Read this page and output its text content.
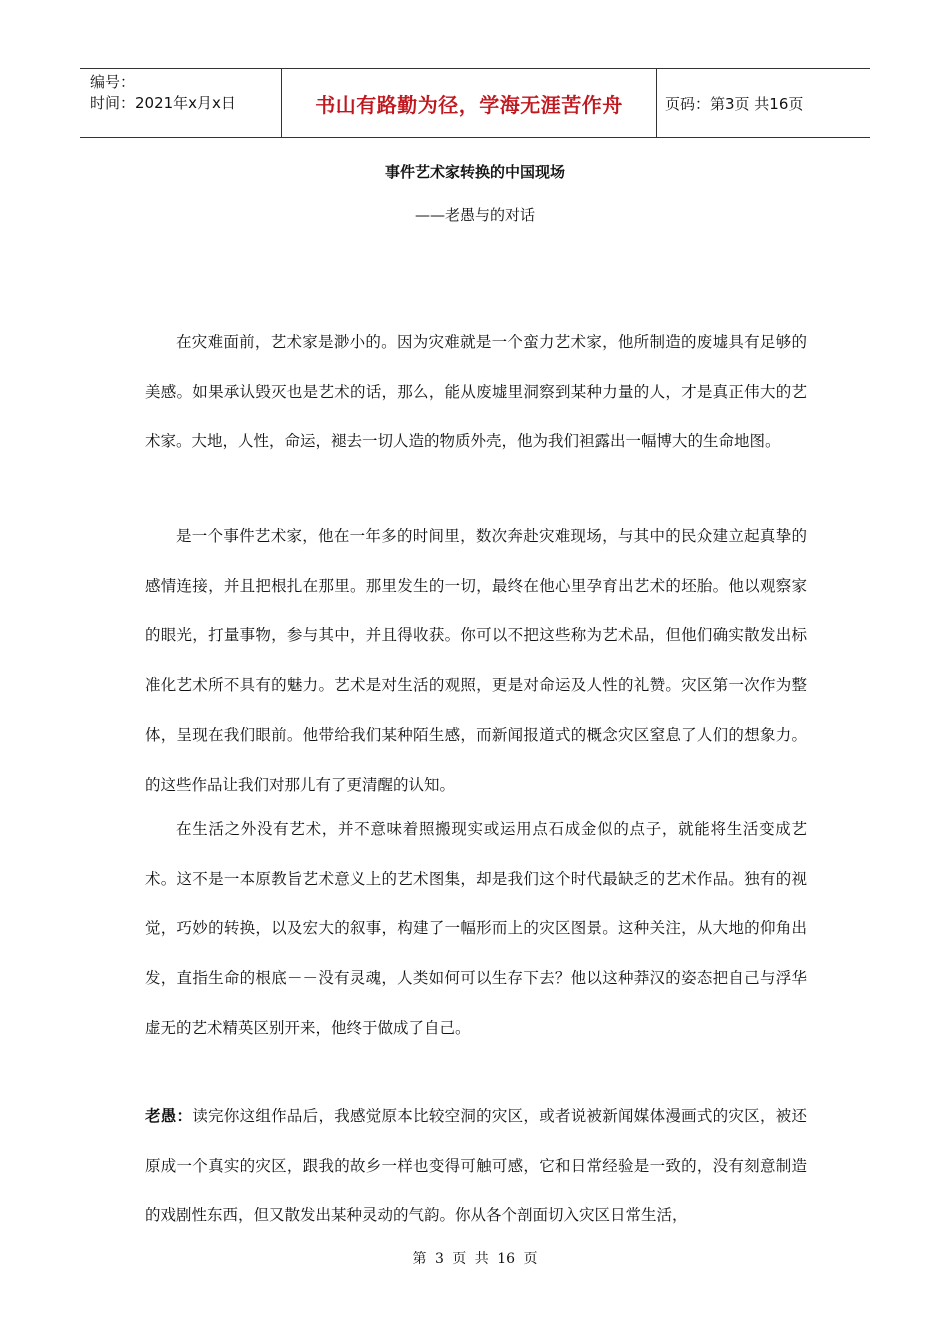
编号：
时间：2021年x月x日	书山有路勤为径，学海无涯苦作舟	页码：第3页 共16页
事件艺术家转换的中国现场
——老愚与的对话

在灾难面前，艺术家是渺小的。因为灾难就是一个蛮力艺术家，他所制造的废墟具有足够的美感。如果承认毁灭也是艺术的话，那么，能从废墟里洞察到某种力量的人，才是真正伟大的艺术家。大地，人性，命运，褪去一切人造的物质外壳，他为我们袒露出一幅博大的生命地图。

是一个事件艺术家，他在一年多的时间里，数次奔赴灾难现场，与其中的民众建立起真挚的感情连接，并且把根扎在那里。那里发生的一切，最终在他心里孕育出艺术的坯胎。他以观察家的眼光，打量事物，参与其中，并且得收获。你可以不把这些称为艺术品，但他们确实散发出标准化艺术所不具有的魅力。艺术是对生活的观照，更是对命运及人性的礼赞。灾区第一次作为整体，呈现在我们眼前。他带给我们某种陌生感，而新闻报道式的概念灾区窒息了人们的想象力。的这些作品让我们对那儿有了更清醒的认知。

在生活之外没有艺术，并不意味着照搬现实或运用点石成金似的点子，就能将生活变成艺术。这不是一本原教旨艺术意义上的艺术图集，却是我们这个时代最缺乏的艺术作品。独有的视觉，巧妙的转换，以及宏大的叙事，构建了一幅形而上的灾区图景。这种关注，从大地的仰角出发，直指生命的根底－－没有灵魂，人类如何可以生存下去？他以这种莽汉的姿态把自己与浮华虚无的艺术精英区别开来，他终于做成了自己。

老愚：读完你这组作品后，我感觉原本比较空洞的灾区，或者说被新闻媒体漫画式的灾区，被还原成一个真实的灾区，跟我的故乡一样也变得可触可感，它和日常经验是一致的，没有刻意制造的戏剧性东西，但又散发出某种灵动的气韵。你从各个剖面切入灾区日常生活，

第 3 页 共 16 页
